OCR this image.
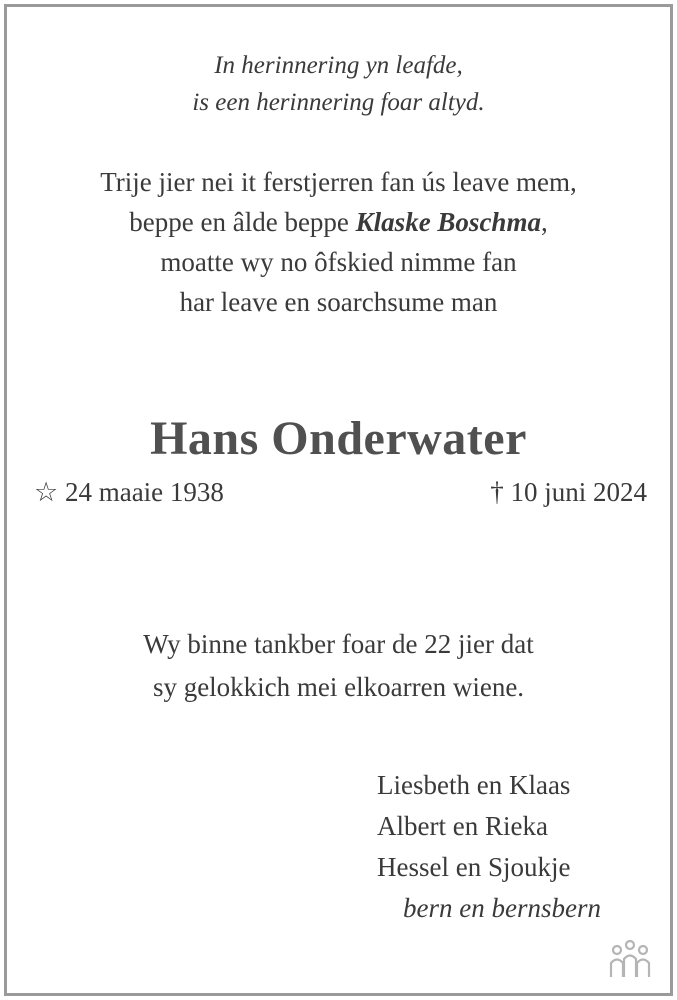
In herinnering yn leafde,
is een herinnering foar altyd.
Trije jier nei it ferstjerren fan ús leave mem,
beppe en âlde beppe Klaske Boschma,
moatte wy no ôfskied nimme fan
har leave en soarchsume man
Hans Onderwater
☆ 24 maaie 1938	† 10 juni 2024
Wy binne tankber foar de 22 jier dat
sy gelokkich mei elkoarren wiene.
Liesbeth en Klaas
Albert en Rieka
Hessel en Sjoukje
bern en bernsbern
